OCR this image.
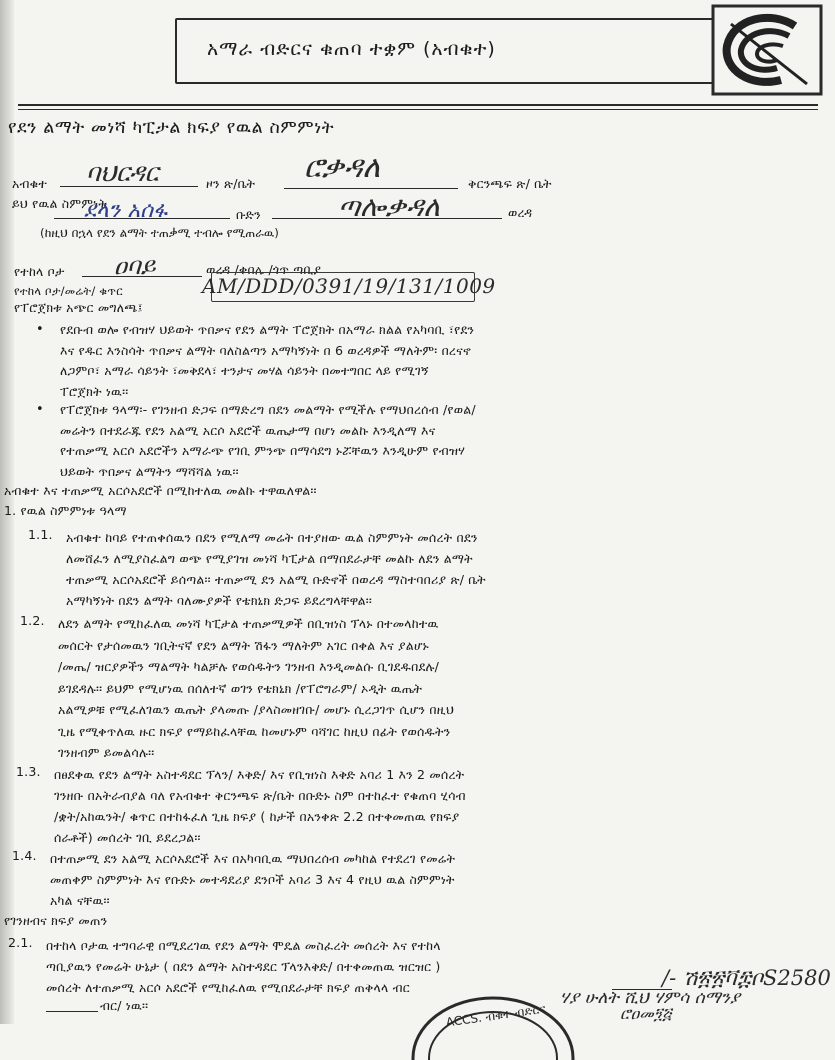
አማራ ብድርና ቁጠባ ተቋም (አብቁተ)
የደን ልማት መነሻ ካፒታል ክፍያ የዉል ስምምነት
አብቁተ ባህርዳር	ዞን ጽ/ቤት ሮቃዳለ	ቅርንጫፍ ጽ/ ቤት
ይህ የዉል ስምምነት
ደላን አሰፋ	ቡድን	ጣሎቃዳለ	ወረዳ
(ከዚህ በኋላ የደን ልማት ተጠቃሚ ተብሎ የሚጠራዉ)
የተከላ ቦታ ዐባይ	ወረዳ /ቀበሌ /ጎጥ ጣቢያ
የተከላ ቦታ/መሬት/ ቁጥር	AM/DDD/0391/19/131/1009
የፐሮጀክቱ አጭር መግለጫ፤
• የደቡብ ወሎ የብዝሃ ህይወት ጥበቃና የደን ልማት ፐሮጀክት በአማራ ክልል የአካባቢ ፣የደን
እና የዱር እንስሳት ጥበቃና ልማት ባለስልጣን አማካኝነት በ 6 ወረዳዎች ማለትም፡ በረናኖ
ለጋምቦ፣ አማራ ሳይንት ፣መቅደላ፣ ተንታና መሃል ሳይንት በመተግበር ላይ የሚገኝ
ፐሮጀክት ነዉ፡፡
• የፐሮጀክቱ ዓላማ፡- የገንዘብ ድጋፍ በማድረግ በደን መልማት የሚችሉ የማህበረሰብ /የወል/
መሬትን በተደራጁ የደን አልሚ አርሶ አደሮች ዉጤታማ በሆነ መልኩ እንዲለማ እና
የተጠቃሚ አርሶ አደሮችን አማራጭ የገቢ ምንጭ በማሳደግ ኑሯቸዉን እንዲሁም የብዝሃ
ህይወት ጥበቃና ልማትን ማሻሻል ነዉ፡፡
አብቁተ እና ተጠቃሚ አርሶአደሮች በሚከተለዉ መልኩ ተዋዉለዋል፡፡
1. የዉል ስምምነቱ ዓላማ
1.1. አብቁተ ከባይ የተጠቀሰዉን በደን የሚለማ መሬት በተያዘው ዉል ስምምነት መሰረት በደን
ለመሸፈን ለሚያስፈልግ ወጭ የሚያገዝ መነሻ ካፒታል በማበደራታቸ መልኩ ለደን ልማት
ተጠቃሚ አርሶአደሮች ይሰጣል፡፡ ተጠቃሚ ደን አልሚ ቡድኖች በወረዳ ማስተባበሪያ ጽ/ ቤት
አማካኝነት በደን ልማት ባለሙያዎች የቴክኒክ ድጋፍ ይደረግላቸዋል፡፡
1.2. ለደን ልማት የሚከፈለዉ መነሻ ካፒታል ተጠቃሚዎች በቢዝነስ ፕላኑ በተመላከተዉ
መሰርት የታሰመዉን ገቢትናኛ የደን ልማት ሽፋን ማለትም አገር በቀል እና ያልሆኑ
/መጤ/ ዝርያዎችን ማልማት ካልቻሉ የወሰዱትን ገንዘብ እንዲመልሱ ቢገደዱበደሉ/
ይገደዳሉ፡፡ ይህም የሚሆነዉ በሰለተኛ ወገን የቴክኒክ /የፐሮግራም/ ኦዲት ዉጤት
አልሚዎቹ የሚፈለገዉን ዉጤት ያላመጡ /ያላስመዘገቡ/ መሆኑ ሲረጋገጥ ሲሆን በዚህ
ጊዜ የሚቀጥለዉ ዙር ክፍያ የማይከፈላቸዉ ከመሆኑም ባሻገር ከዚህ በፊት የወሰዱትን
ገንዘብም ይመልሳሉ፡፡
1.3. በፀደቀዉ የደን ልማት አስተዳደር ፕላን/ እቅድ/ እና የቢዝነስ እቅድ አባሪ 1 እን 2 መሰረት
ገንዘቡ በአትራብያል ባለ የአብቁተ ቅርንጫፍ ጽ/ቤት በቡድኑ ስም በተከፈተ የቁጠባ ሂሳብ
/ቋት/አከዉንት/ ቁጥር በተከፋፈለ ጊዜ ክፍያ ( ከታች በአንቀጽ 2.2 በተቀመጠዉ የክፍያ
ሰራቶች) መሰረት ገቢ ይደረጋል፡፡
1.4. በተጠቃሚ ደን አልሚ አርሶአደሮች እና በአካባቢዉ ማህበረሰብ መካከል የተደረገ የመሬት
መጠቀም ስምምነት እና የቡድኑ መተዳደሪያ ደንቦች አባሪ 3 እና 4 የዚህ ዉል ስምምነት
አካል ናቸዉ፡፡
የገንዘብና ክፍያ መጠን
2.1. በተከላ ቦታዉ ተግባራዊ በሚደረገዉ የደን ልማት ሞዴል መስፈረት መሰረት እና የተከላ
ጣቢያዉን የመሬት ሁኔታ ( በደን ልማት አስተዳደር ፕላንእቅድ/ በተቀመጠዉ ዝርዝር )
መሰረት ለተጠቃሚ አርሶ አደሮች የሚከፈለዉ የሚበደራታቸ ክፍያ ጠቅላላ ብር	/- ሽ፳፳ቫ፰ቦS2580
ብር/ ነዉ፡፡	ሃያ ሁለት ሺህ ሃምሳ ሰማንያ
ሮዐመ፺፭
ACCS. ብቁተ ብድርና
